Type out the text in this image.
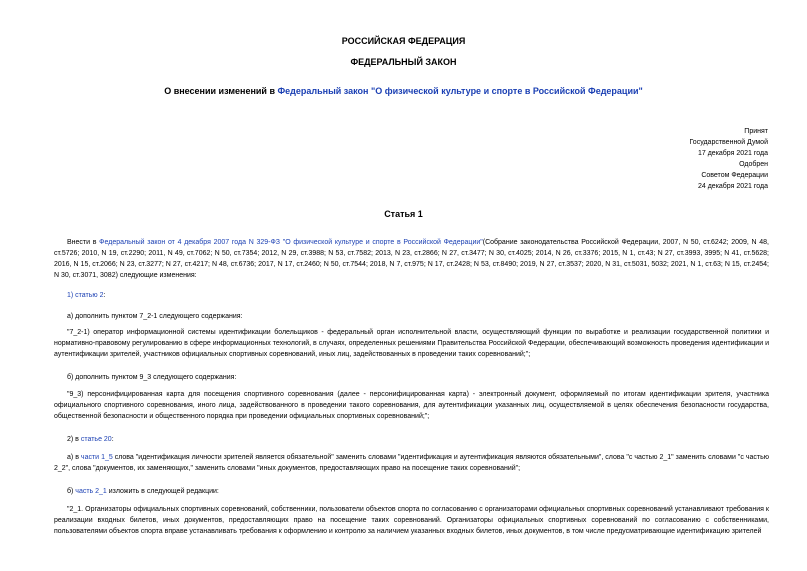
РОССИЙСКАЯ ФЕДЕРАЦИЯ
ФЕДЕРАЛЬНЫЙ ЗАКОН
О внесении изменений в Федеральный закон "О физической культуре и спорте в Российской Федерации"
Принят
Государственной Думой
17 декабря 2021 года
Одобрен
Советом Федерации
24 декабря 2021 года
Статья 1
Внести в Федеральный закон от 4 декабря 2007 года N 329-ФЗ "О физической культуре и спорте в Российской Федерации"(Собрание законодательства Российской Федерации, 2007, N 50, ст.6242; 2009, N 48, ст.5726; 2010, N 19, ст.2290; 2011, N 49, ст.7062; N 50, ст.7354; 2012, N 29, ст.3988; N 53, ст.7582; 2013, N 23, ст.2866; N 27, ст.3477; N 30, ст.4025; 2014, N 26, ст.3376; 2015, N 1, ст.43; N 27, ст.3993, 3995; N 41, ст.5628; 2016, N 15, ст.2066; N 23, ст.3277; N 27, ст.4217; N 48, ст.6736; 2017, N 17, ст.2460; N 50, ст.7544; 2018, N 7, ст.975; N 17, ст.2428; N 53, ст.8490; 2019, N 27, ст.3537; 2020, N 31, ст.5031, 5032; 2021, N 1, ст.63; N 15, ст.2454; N 30, ст.3071, 3082) следующие изменения:
1) статью 2:
а) дополнить пунктом 7_2-1 следующего содержания:
"7_2-1) оператор информационной системы идентификации болельщиков - федеральный орган исполнительной власти, осуществляющий функции по выработке и реализации государственной политики и нормативно-правовому регулированию в сфере информационных технологий, в случаях, определенных решениями Правительства Российской Федерации, обеспечивающий возможность проведения идентификации и аутентификации зрителей, участников официальных спортивных соревнований, иных лиц, задействованных в проведении таких соревнований;";
б) дополнить пунктом 9_3 следующего содержания:
"9_3) персонифицированная карта для посещения спортивного соревнования (далее - персонифицированная карта) - электронный документ, оформляемый по итогам идентификации зрителя, участника официального спортивного соревнования, иного лица, задействованного в проведении такого соревнования, для аутентификации указанных лиц, осуществляемой в целях обеспечения безопасности государства, общественной безопасности и общественного порядка при проведении официальных спортивных соревнований;";
2) в статье 20:
а) в части 1_5 слова "идентификация личности зрителей является обязательной" заменить словами "идентификация и аутентификация являются обязательными", слова "с частью 2_1" заменить словами "с частью 2_2", слова "документов, их заменяющих," заменить словами "иных документов, предоставляющих право на посещение таких соревнований";
б) часть 2_1 изложить в следующей редакции:
"2_1. Организаторы официальных спортивных соревнований, собственники, пользователи объектов спорта по согласованию с организаторами официальных спортивных соревнований устанавливают требования к реализации входных билетов, иных документов, предоставляющих право на посещение таких соревнований. Организаторы официальных спортивных соревнований по согласованию с собственниками, пользователями объектов спорта вправе устанавливать требования к оформлению и контролю за наличием указанных входных билетов, иных документов, в том числе предусматривающие идентификацию зрителей
